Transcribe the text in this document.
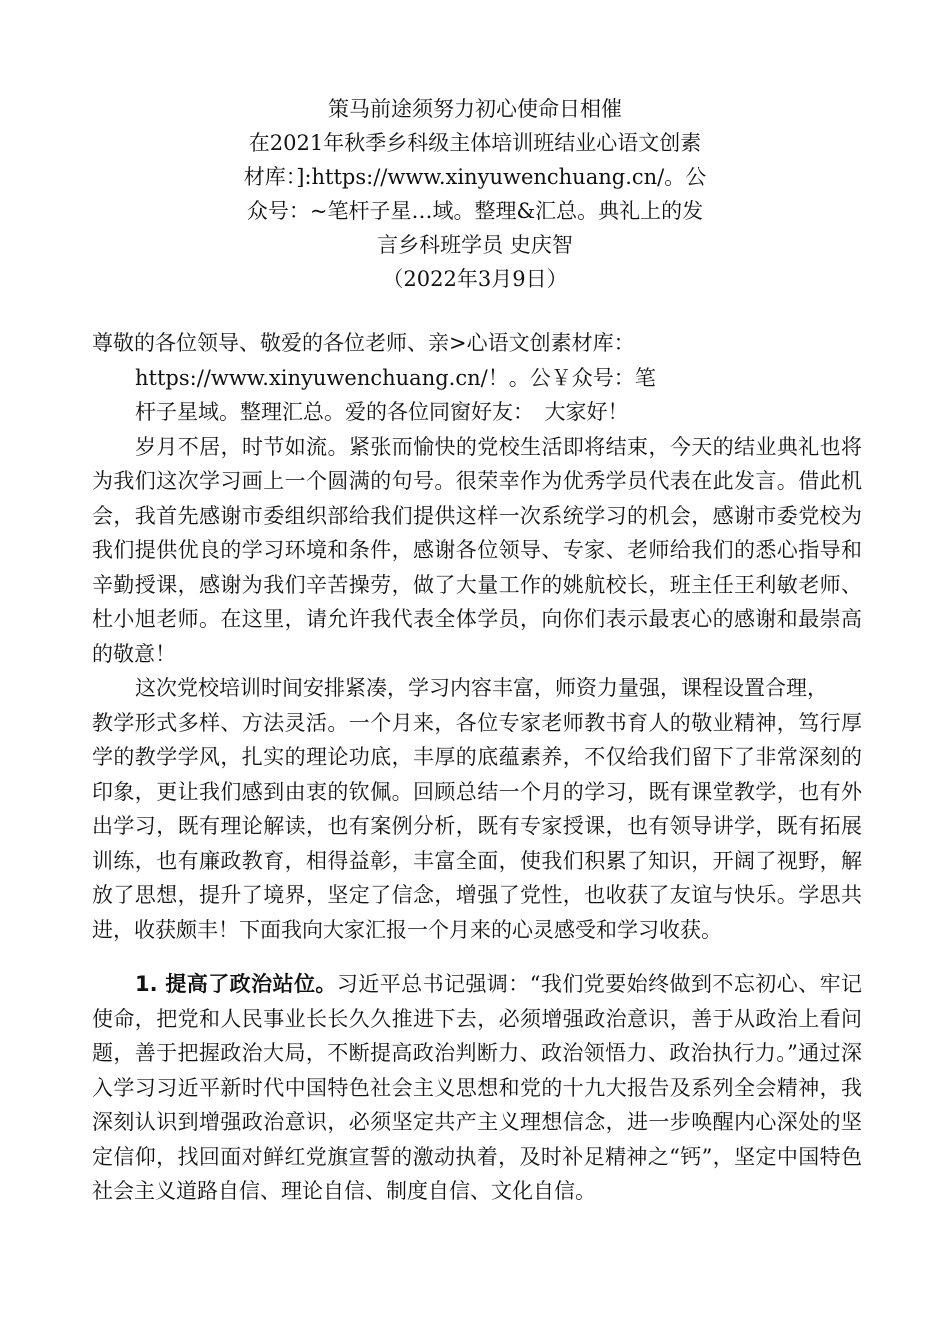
策马前途须努力初心使命日相催
在2021年秋季乡科级主体培训班结业心语文创素
材库：]:https://www.xinyuwenchuang.cn/。公
众号：~笔杆子星…域。整理&汇总。典礼上的发
言乡科班学员 史庆智
（2022年3月9日）
尊敬的各位领导、敬爱的各位老师、亲>心语文创素材库：
https://www.xinyuwenchuang.cn/！。公￥众号：笔
杆子星域。整理汇总。爱的各位同窗好友：　大家好！
岁月不居，时节如流。紧张而愉快的党校生活即将结束，今天的结业典礼也将为我们这次学习画上一个圆满的句号。很荣幸作为优秀学员代表在此发言。借此机会，我首先感谢市委组织部给我们提供这样一次系统学习的机会，感谢市委党校为我们提供优良的学习环境和条件，感谢各位领导、专家、老师给我们的悉心指导和辛勤授课，感谢为我们辛苦操劳，做了大量工作的姚航校长，班主任王利敏老师、杜小旭老师。在这里，请允许我代表全体学员，向你们表示最衷心的感谢和最崇高的敬意！
这次党校培训时间安排紧凑，学习内容丰富，师资力量强，课程设置合理，
教学形式多样、方法灵活。一个月来，各位专家老师教书育人的敬业精神，笃行厚学的教学学风，扎实的理论功底，丰厚的底蕴素养，不仅给我们留下了非常深刻的印象，更让我们感到由衷的钦佩。回顾总结一个月的学习，既有课堂教学，也有外出学习，既有理论解读，也有案例分析，既有专家授课，也有领导讲学，既有拓展训练，也有廉政教育，相得益彰，丰富全面，使我们积累了知识，开阔了视野，解放了思想，提升了境界，坚定了信念，增强了党性，也收获了友谊与快乐。学思共进，收获颇丰！下面我向大家汇报一个月来的心灵感受和学习收获。
1. 提高了政治站位。习近平总书记强调：“我们党要始终做到不忘初心、牢记使命，把党和人民事业长长久久推进下去，必须增强政治意识，善于从政治上看问题，善于把握政治大局，不断提高政治判断力、政治领悟力、政治执行力。”通过深入学习习近平新时代中国特色社会主义思想和党的十九大报告及系列全会精神，我深刻认识到增强政治意识，必须坚定共产主义理想信念，进一步唤醒内心深处的坚定信仰，找回面对鲜红党旗宣誓的激动执着，及时补足精神之“钙”，坚定中国特色社会主义道路自信、理论自信、制度自信、文化自信。
